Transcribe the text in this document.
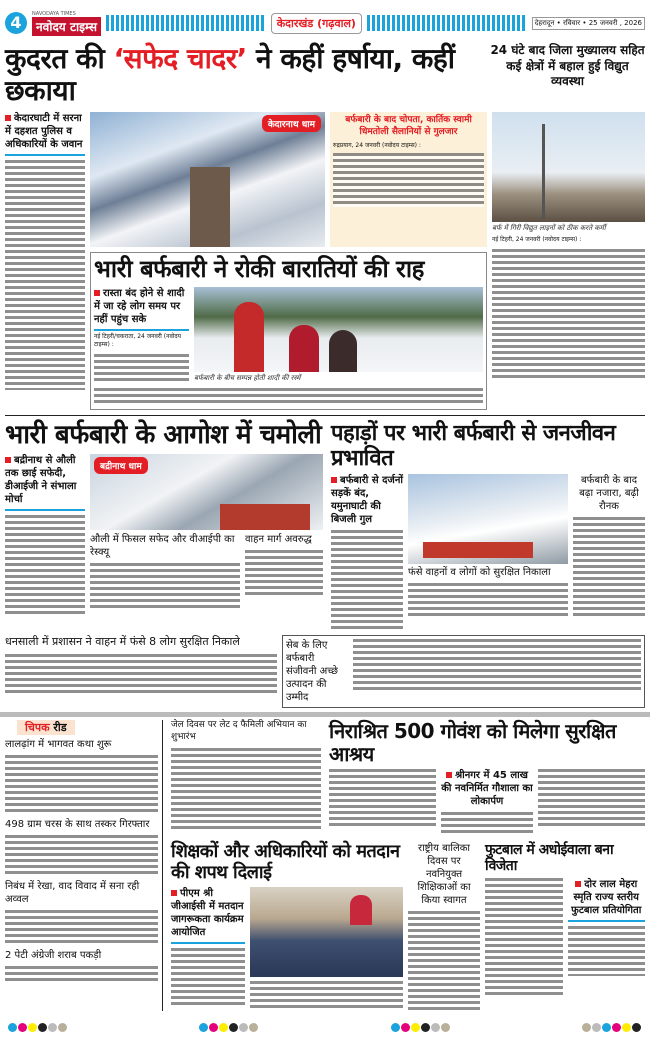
4	NAVODAYA TIMES
नवोदय टाइम्स	केदारखंड (गढ़वाल)	देहरादून • रविवार • 25 जनवरी , 2026
कुदरत की ‘सफेद चादर’ ने कहीं हर्षाया, कहीं छकाया
24 घंटे बाद जिला मुख्यालय सहित
कई क्षेत्रों में बहाल हुई विद्युत व्यवस्था
केदारघाटी में सरना में दहशत पुलिस व अधिकारियों के जवान
केदारनाथ धाम	बर्फबारी के बाद चोपता, कार्तिक स्वामी
धिमतोली सैलानियों से गुलजार
रुद्रप्रयाग, 24 जनवरी (नवोदय टाइम्स) :
भारी बर्फबारी ने रोकी बारातियों की राह
रास्ता बंद होने से शादी में जा रहे लोग समय पर नहीं पहुंच सके
नई टिहरी/चकराता, 24 जनवरी (नवोदय टाइम्स) :
बर्फबारी के बीच सम्पन्न होती शादी की रस्में
बर्फ में गिरी विद्युत लाइनों को ठीक करते कर्मी
नई टिहरी, 24 जनवरी (नवोदय टाइम्स) :
भारी बर्फबारी के आगोश में चमोली
बद्रीनाथ से औली तक छाई सफेदी, डीआईजी ने संभाला मोर्चा
बद्रीनाथ धाम
औली में फिसल सफेद और वीआईपी का रेस्क्यू
वाहन मार्ग अवरुद्ध
पहाड़ों पर भारी बर्फबारी से जनजीवन प्रभावित
बर्फबारी से दर्जनों सड़कें बंद, यमुनाघाटी की बिजली गुल
फंसे वाहनों व लोगों को सुरक्षित निकाला
बर्फबारी के बाद बढ़ा नजारा, बढ़ी रौनक
धनसाली में प्रशासन ने वाहन में फंसे 8 लोग सुरक्षित निकाले	सेब के लिए बर्फबारी संजीवनी अच्छे उत्पादन की उम्मीद
चिपक रीड
लालढ़ांग में भागवत कथा शुरू
498 ग्राम चरस के साथ तस्कर गिरफ्तार
निबंध में रेखा, वाद विवाद में सना रही अव्वल
2 पेटी अंग्रेजी शराब पकड़ी
जेल दिवस पर लेट द फैमिली अभियान का शुभारंभ	निराश्रित 500 गोवंश को मिलेगा सुरक्षित आश्रय
श्रीनगर में 45 लाख की नवनिर्मित गौशाला का लोकार्पण
शिक्षकों और अधिकारियों को मतदान की शपथ दिलाई
पीएम श्री जीआईसी में मतदान जागरूकता कार्यक्रम आयोजित
राष्ट्रीय बालिका दिवस पर नवनियुक्त शिक्षिकाओं का किया स्वागत
फुटबाल में अधोईवाला बना विजेता
दोर लाल मेहरा स्मृति राज्य स्तरीय फुटबाल प्रतियोगिता
